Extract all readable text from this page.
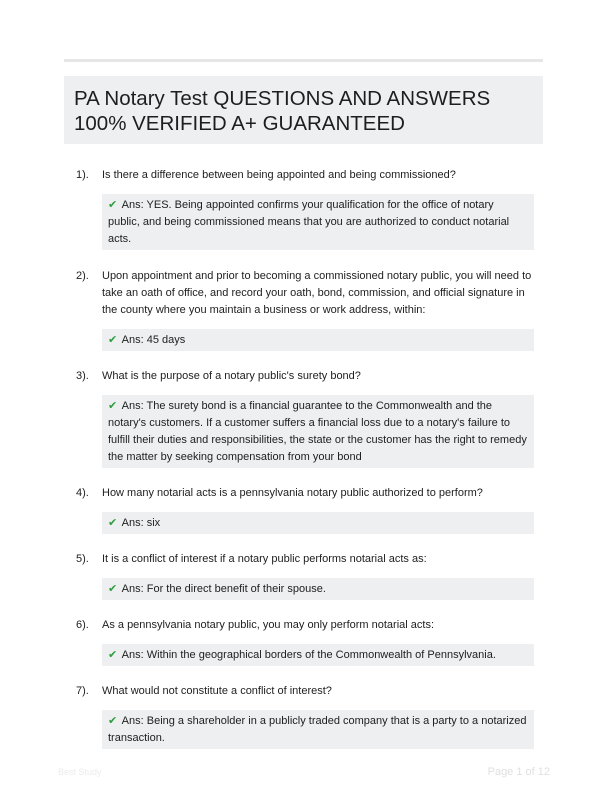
PA Notary Test QUESTIONS AND ANSWERS
100% VERIFIED A+ GUARANTEED
1).	Is there a difference between being appointed and being commissioned?
✔ Ans: YES. Being appointed confirms your qualification for the office of notary public, and being commissioned means that you are authorized to conduct notarial acts.
2).	Upon appointment and prior to becoming a commissioned notary public, you will need to take an oath of office, and record your oath, bond, commission, and official signature in the county where you maintain a business or work address, within:
✔ Ans: 45 days
3).	What is the purpose of a notary public's surety bond?
✔ Ans: The surety bond is a financial guarantee to the Commonwealth and the notary's customers. If a customer suffers a financial loss due to a notary's failure to fulfill their duties and responsibilities, the state or the customer has the right to remedy the matter by seeking compensation from your bond
4).	How many notarial acts is a pennsylvania notary public authorized to perform?
✔ Ans: six
5).	It is a conflict of interest if a notary public performs notarial acts as:
✔ Ans: For the direct benefit of their spouse.
6).	As a pennsylvania notary public, you may only perform notarial acts:
✔ Ans: Within the geographical borders of the Commonwealth of Pennsylvania.
7).	What would not constitute a conflict of interest?
✔ Ans: Being a shareholder in a publicly traded company that is a party to a notarized transaction.
Best Study	Page 1 of 12
